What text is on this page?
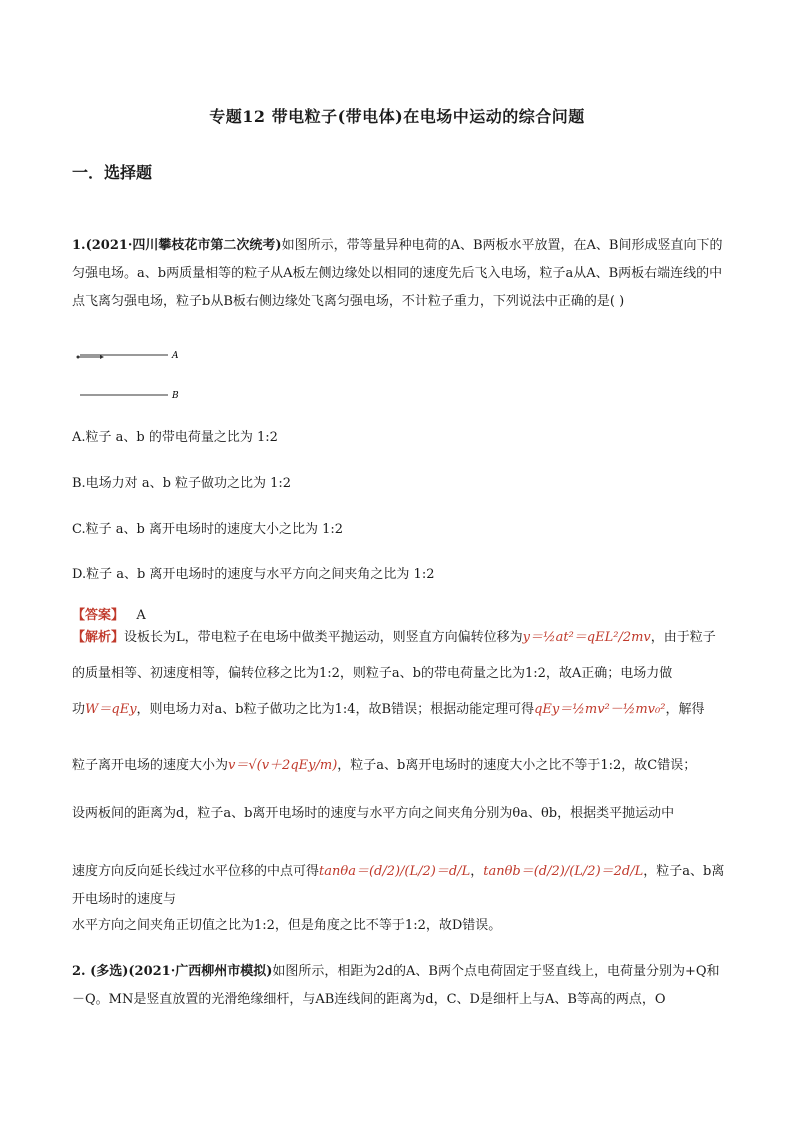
专题12 带电粒子(带电体)在电场中运动的综合问题
一．选择题
1.(2021·四川攀枝花市第二次统考)如图所示，带等量异种电荷的A、B两板水平放置，在A、B间形成竖直向下的匀强电场。a、b两质量相等的粒子从A板左侧边缘处以相同的速度先后飞入电场，粒子a从A、B两板右端连线的中点飞离匀强电场，粒子b从B板右侧边缘处飞离匀强电场，不计粒子重力，下列说法中正确的是( )
A
B
A.粒子 a、b 的带电荷量之比为 1:2
B.电场力对 a、b 粒子做功之比为 1:2
C.粒子 a、b 离开电场时的速度大小之比为 1:2
D.粒子 a、b 离开电场时的速度与水平方向之间夹角之比为 1:2
【答案】 A
【解析】设板长为L，带电粒子在电场中做类平抛运动，则竖直方向偏转位移为y＝½at²＝qEL²/2mv，由于粒子
的质量相等、初速度相等，偏转位移之比为1:2，则粒子a、b的带电荷量之比为1:2，故A正确；电场力做
功W＝qEy，则电场力对a、b粒子做功之比为1:4，故B错误；根据动能定理可得qEy＝½mv²－½mv₀²，解得
粒子离开电场的速度大小为v＝√(v＋2qEy/m)，粒子a、b离开电场时的速度大小之比不等于1:2，故C错误；
设两板间的距离为d，粒子a、b离开电场时的速度与水平方向之间夹角分别为θa、θb，根据类平抛运动中
速度方向反向延长线过水平位移的中点可得tanθa＝(d/2)/(L/2)＝d/L，tanθb＝(d/2)/(L/2)＝2d/L，粒子a、b离开电场时的速度与
水平方向之间夹角正切值之比为1:2，但是角度之比不等于1:2，故D错误。
2. (多选)(2021·广西柳州市模拟)如图所示，相距为2d的A、B两个点电荷固定于竖直线上，电荷量分别为+Q和－Q。MN是竖直放置的光滑绝缘细杆，与AB连线间的距离为d，C、D是细杆上与A、B等高的两点，O
